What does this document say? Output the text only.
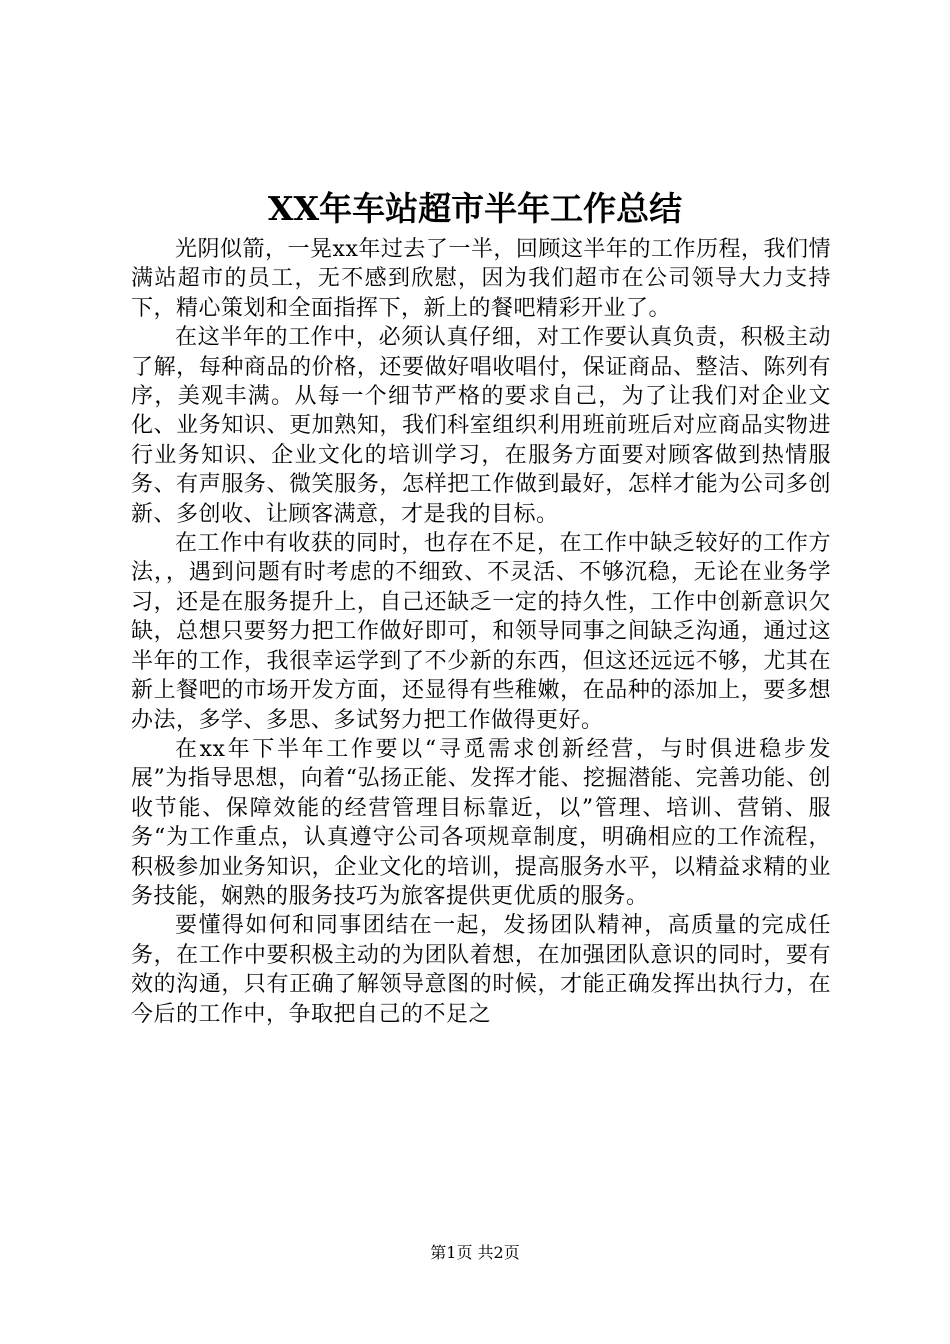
XX年车站超市半年工作总结

光阴似箭，一晃xx年过去了一半，回顾这半年的工作历程，我们情满站超市的员工，无不感到欣慰，因为我们超市在公司领导大力支持下，精心策划和全面指挥下，新上的餐吧精彩开业了。

在这半年的工作中，必须认真仔细，对工作要认真负责，积极主动了解，每种商品的价格，还要做好唱收唱付，保证商品、整洁、陈列有序，美观丰满。从每一个细节严格的要求自己，为了让我们对企业文化、业务知识、更加熟知，我们科室组织利用班前班后对应商品实物进行业务知识、企业文化的培训学习，在服务方面要对顾客做到热情服务、有声服务、微笑服务，怎样把工作做到最好，怎样才能为公司多创新、多创收、让顾客满意，才是我的目标。

在工作中有收获的同时，也存在不足，在工作中缺乏较好的工作方法，，遇到问题有时考虑的不细致、不灵活、不够沉稳，无论在业务学习，还是在服务提升上，自己还缺乏一定的持久性，工作中创新意识欠缺，总想只要努力把工作做好即可，和领导同事之间缺乏沟通，通过这半年的工作，我很幸运学到了不少新的东西，但这还远远不够，尤其在新上餐吧的市场开发方面，还显得有些稚嫩，在品种的添加上，要多想办法，多学、多思、多试努力把工作做得更好。

在xx年下半年工作要以“寻觅需求创新经营，与时俱进稳步发展”为指导思想，向着“弘扬正能、发挥才能、挖掘潜能、完善功能、创收节能、保障效能的经营管理目标靠近，以”管理、培训、营销、服务“为工作重点，认真遵守公司各项规章制度，明确相应的工作流程，积极参加业务知识，企业文化的培训，提高服务水平，以精益求精的业务技能，娴熟的服务技巧为旅客提供更优质的服务。

要懂得如何和同事团结在一起，发扬团队精神，高质量的完成任务，在工作中要积极主动的为团队着想，在加强团队意识的同时，要有效的沟通，只有正确了解领导意图的时候，才能正确发挥出执行力，在今后的工作中，争取把自己的不足之

第1页 共2页
